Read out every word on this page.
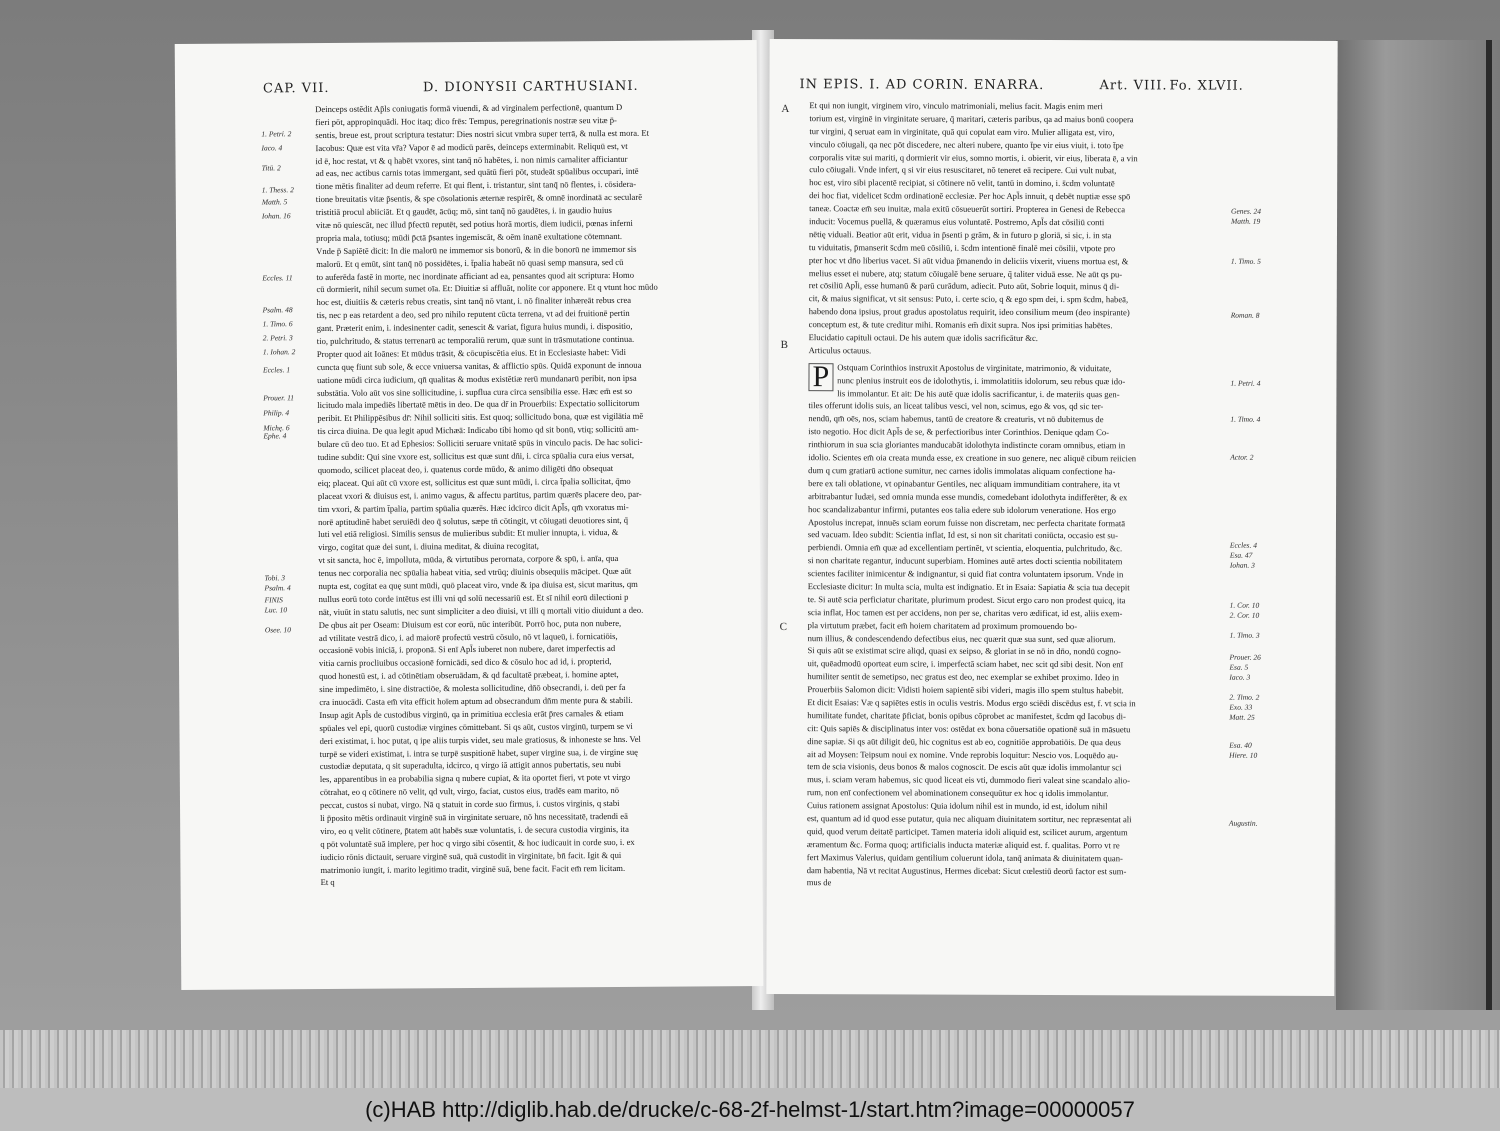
CAP. VII.	D. DIONYSII CARTHUSIANI.
Deinceps ostēdit Ap̄ls coniugatis formā viuendi, & ad virginalem perfectionē, quantum D
fieri pōt, appropinquādi. Hoc itaq; dico frēs: Tempus, peregrinationis nostræ seu vitæ p̄-
sentis, breue est, prout scriptura testatur: Dies nostri sicut vmbra super terrā, & nulla est mora. Et
Iacobus: Quæ est vita vr̄a? Vapor ē ad modicū parēs, deinceps exterminabit. Reliquū est, vt
id ē, hoc restat, vt & q habēt vxores, sint tanq̄ nō habētes, i. non nimis carnaliter afficiantur
ad eas, nec actibus carnis totas immergant, sed quātū fieri pōt, studeāt spūalibus occupari, intē
tione mētis finaliter ad deum referre. Et qui flent, i. tristantur, sint tanq̄ nō flentes, i. cōsidera-
tione breuitatis vitæ p̄sentis, & spe cōsolationis æternæ respirēt, & omnē inordinatā ac secularē
tristitiā procul abiiciāt. Et q gaudēt, ācūq; mō, sint tanq̄ nō gaudētes, i. in gaudio huius
vitæ nō quiescāt, nec illud p̄fectū reputēt, sed potius horā mortis, diem iudicii, pœnas inferni
propria mala, totiusq; mūdi p̄ctā p̄santes ingemiscāt, & oēm inanē exultatione cōtemnant.
Vnde p̄ Sapiētē dicit: In die malorū ne immemor sis bonorū, & in die bonorū ne immemor sis
malorū. Et q emūt, sint tanq̄ nō possidētes, i. t̄palia habeāt nō quasi semp mansura, sed cū
to auferēda fastē in morte, nec inordinate afficiant ad ea, pensantes quod ait scriptura: Homo
cū dormierit, nihil secum sumet oīa. Et: Diuitiæ si affluāt, nolite cor apponere. Et q vtunt hoc mūdo
hoc est, diuitiis & cæteris rebus creatis, sint tanq̄ nō vtant, i. nō finaliter inhæreāt rebus crea
tis, nec p eas retardent a deo, sed pro nihilo reputent cūcta terrena, vt ad dei fruitionē pertin
gant. Præterit enim, i. indesinenter cadit, senescit & variat, figura huius mundi, i. dispositio,
tio, pulchritudo, & status terrenarū ac temporaliū rerum, quæ sunt in trāsmutatione continua.
Propter quod ait Ioānes: Et mūdus trāsit, & cōcupiscētia eius. Et in Ecclesiaste habet: Vidi
cuncta quę fiunt sub sole, & ecce vniuersa vanitas, & afflictio spūs. Quidā exponunt de innoua
uatione mūdi circa iudicium, qn̄ qualitas & modus existētiæ rerū mundanarū peribit, non ipsa
substātia. Volo aūt vos sine sollicitudine, i. supflua cura circa sensibilia esse. Hæc em̄ est so
licitudo mala impediēs libertatē mētis in deo. De qua dr̄ in Prouerbiis: Expectatio sollicitorum
peribit. Et Philippēsibus dr̄: Nihil solliciti sitis. Est quoq; sollicitudo bona, quæ est vigilātia mē
tis circa diuina. De qua legit apud Michæā: Indicabo tibi homo qd sit bonū, vtiq; sollicitū am-
bulare cū deo tuo. Et ad Ephesios: Solliciti seruare vnitatē spūs in vinculo pacis. De hac solici-
tudine subdit: Qui sine vxore est, sollicitus est quæ sunt dn̄i, i. circa spūalia cura eius versat,
quomodo, scilicet placeat deo, i. quatenus corde mūdo, & animo diligēti dn̄o obsequat
eiq; placeat. Qui aūt cū vxore est, sollicitus est quæ sunt mūdi, i. circa t̄palia sollicitat, q̄mo
placeat vxori & diuisus est, i. animo vagus, & affectu partitus, partim quærēs placere deo, par-
tim vxori, & partim t̄palia, partim spūalia quærēs. Hæc idcirco dicit Apl̄s, qm̄ vxoratus mi-
norē aptitudinē habet seruiēdi deo q̄ solutus, sæpe tn̄ cōtingit, vt cōiugati deuotiores sint, q̄
luti vel etiā religiosi. Similis sensus de mulieribus subdit: Et mulier innupta, i. vidua, &
virgo, cogitat quæ dei sunt, i. diuina meditat, & diuina recogitat,
vt sit sancta, hoc ē, impolluta, mūda, & virtutibus perornata, corpore & spū, i. anīa, qua
tenus nec corporalia nec spūalia habeat vitia, sed vtrūq; diuinis obsequiis mācipet. Quæ aūt
nupta est, cogitat ea quę sunt mūdi, quō placeat viro, vnde & ipa diuisa est, sicut maritus, qm
nullus eorū toto corde intētus est illi vni qd solū necessariū est. Et sī nihil eorū dilectioni p
nāt, viuūt in statu salutis, nec sunt simpliciter a deo diuisi, vt illi q mortali vitio diuidunt a deo.
De qbus ait per Oseam: Diuisum est cor eorū, nūc interibūt. Porrō hoc, puta non nubere,
ad vtilitate vestrā dico, i. ad maiorē profectū vestrū cōsulo, nō vt laqueū, i. fornicatiōis,
occasionē vobis iniciā, i. proponā. Si enī Apl̄s iuberet non nubere, daret imperfectis ad
vitia carnis procliuibus occasionē fornicādi, sed dico & cōsulo hoc ad id, i. propterid,
quod honestū est, i. ad cōtinētiam obseruādam, & qd facultatē præbeat, i. homine aptet,
sine impedimēto, i. sine distractiōe, & molesta sollicitudine, dn̄ō obsecrandi, i. deū per fa
cra inuocādi. Casta em̄ vita efficit hoīem aptum ad obsecrandum dn̄m mente pura & stabili.
Insup agit Apl̄s de custodibus virginū, qa in primitiua ecclesia erāt p̄res carnales & etiam
spūales vel epi, quorū custodiæ virgines cōmittebant. Si qs aūt, custos virginū, turpem se vi
deri existimat, i. hoc putat, q ipe aliis turpis videt, seu male gratiosus, & inhoneste se hns. Vel
turpē se videri existimat, i. intra se turpē suspitionē habet, super virgine sua, i. de virgine suę
custodiæ deputata, q sit superadulta, idcirco, q virgo iā attigit annos pubertatis, seu nubi
les, apparentibus in ea probabilia signa q nubere cupiat, & ita oportet fieri, vt pote vt virgo
cōtrahat, eo q cōtinere nō velit, qd vult, virgo, faciat, custos eius, tradēs eam marito, nō
peccat, custos si nubat, virgo. Nā q statuit in corde suo firmus, i. custos virginis, q stabi
li p̄posito mētis ordinauit virginē suā in virginitate seruare, nō hns necessitatē, tradendi eā
viro, eo q velit cōtinere, p̄tatem aūt habēs suæ voluntatis, i. de secura custodia virginis, ita
q pōt voluntatē suā implere, per hoc q virgo sibi cōsentit, & hoc iudicauit in corde suo, i. ex
iudicio rōnis dictauit, seruare virginē suā, quā custodit in virginitate, bn̄ facit. Igit & qui
matrimonio iungit, i. marito legitimo tradit, virginē suā, bene facit. Facit em̄ rem licitam.
Et q
1. Petri. 2
Iaco. 4
Titū. 2
1. Thess. 2
Matth. 5
Iohan. 16
Eccles. 11
Psalm. 48
1. Timo. 6
2. Petri. 3
1. Iohan. 2
Eccles. 1
Prouer. 11
Philip. 4
Michę. 6
Ephe. 4
Tobi. 3
Psalm. 4
FINIS
Luc. 10
Osee. 10
IN EPIS. I. AD CORIN. ENARRA.	Art. VIII. Fo. XLVII.
Et qui non iungit, virginem viro, vinculo matrimoniali, melius facit. Magis enim meri
torium est, virginē in virginitate seruare, q̄ maritari, cæteris paribus, qa ad maius bonū coopera
tur virgini, q̄ seruat eam in virginitate, quā qui copulat eam viro. Mulier alligata est, viro,
vinculo cōiugali, qa nec pōt discedere, nec alteri nubere, quanto t̄pe vir eius viuit, i. toto t̄pe
corporalis vitæ sui mariti, q dormierit vir eius, somno mortis, i. obierit, vir eius, liberata ē, a vin
culo cōiugali. Vnde infert, q si vir eius resuscitaret, nō teneret eā recipere. Cui vult nubat,
hoc est, viro sibi placentē recipiat, si cōtinere nō velit, tantū in domino, i. s̄cdm voluntatē
dei hoc fiat, videlicet s̄cdm ordinationē ecclesiæ. Per hoc Apl̄s innuit, q debēt nuptiæ esse spō
taneæ. Coactæ em̄ seu inuitæ, mala exitū cōsueuerūt sortiri. Propterea in Genesi de Rebecca
inducit: Vocemus puellā, & quæramus eius voluntatē. Postremo, Apl̄s dat cōsiliū conti
nētię viduali. Beatior aūt erit, vidua in p̄senti p grām, & in futuro p gloriā, si sic, i. in sta
tu viduitatis, p̄manserit s̄cdm meū cōsiliū, i. s̄cdm intentionē finalē mei cōsilii, vtpote pro
pter hoc vt dn̄o liberius vacet. Si aūt vidua p̄manendo in deliciis vixerit, viuens mortua est, &
melius esset ei nubere, atq; statum cōiugalē bene seruare, q̄ taliter viduā esse. Ne aūt qs pu-
ret cōsiliū Apl̄i, esse humanū & parū curādum, adiecit. Puto aūt, Sobrie loquit, minus q̄ di-
cit, & maius significat, vt sit sensus: Puto, i. certe scio, q & ego spm dei, i. spm s̄cdm, habeā,
habendo dona ipsius, prout gradus apostolatus requirit, ideo consilium meum (deo inspirante)
conceptum est, & tute creditur mihi. Romanis em̄ dixit supra. Nos ipsi primitias habētes.
Elucidatio capituli octaui. De his autem quæ idolis sacrificātur &c.
Articulus octauus.
P Ostquam Corinthios instruxit Apostolus de virginitate, matrimonio, & viduitate,
nunc plenius instruit eos de idolothytis, i. immolatitiis idolorum, seu rebus quæ ido-
lis immolantur. Et ait: De his autē quæ idolis sacrificantur, i. de materiis quas gen-
tiles offerunt idolis suis, an liceat talibus vesci, vel non, scimus, ego & vos, qd sic ter-
nendū, qm̄ oēs, nos, sciam habemus, tantū de creatore & creaturis, vt nō dubitemus de
isto negotio. Hoc dicit Apl̄s de se, & perfectioribus inter Corinthios. Denique qdam Co-
rinthiorum in sua scia gloriantes manducabāt idolothyta indistincte coram omnibus, etiam in
idolio. Scientes em̄ oia creata munda esse, ex creatione in suo genere, nec aliquē cibum reiicien
dum q cum gratiarū actione sumitur, nec carnes idolis immolatas aliquam confectione ha-
bere ex tali oblatione, vt opinabantur Gentiles, nec aliquam immunditiam contrahere, ita vt
arbitrabantur Iudæi, sed omnia munda esse mundis, comedebant idolothyta indifferēter, & ex
hoc scandalizabantur infirmi, putantes eos talia edere sub idolorum veneratione. Hos ergo
Apostolus increpat, innuēs sciam eorum fuisse non discretam, nec perfecta charitate formatā
sed vacuam. Ideo subdit: Scientia inflat, Id est, si non sit charitati coniūcta, occasio est su-
perbiendi. Omnia em̄ quæ ad excellentiam pertinēt, vt scientia, eloquentia, pulchritudo, &c.
si non charitate regantur, inducunt superbiam. Homines autē artes docti scientia nobilitatem
scientes faciliter inimicentur & indignantur, si quid fiat contra voluntatem ipsorum. Vnde in
Ecclesiaste dicitur: In multa scia, multa est indignatio. Et in Esaia: Sapiatia & scia tua decepit
te. Si autē scia perficiatur charitate, plurimum prodest. Sicut ergo caro non prodest quicq, ita
scia inflat, Hoc tamen est per accidens, non per se, charitas vero ædificat, id est, aliis exem-
pla virtutum præbet, facit em̄ hoiem charitatem ad proximum promouendo bo-
num illius, & condescendendo defectibus eius, nec quærit quæ sua sunt, sed quæ aliorum.
Si quis aūt se existimat scire aliqd, quasi ex seipso, & gloriat in se nō in dn̄o, nondū cogno-
uit, quēadmodū oporteat eum scire, i. imperfectā sciam habet, nec scit qd sibi desit. Non enī
humiliter sentit de semetipso, nec gratus est deo, nec exemplar se exhibet proximo. Ideo in
Prouerbiis Salomon dicit: Vidisti hoiem sapientē sibi videri, magis illo spem stultus habebit.
Et dicit Esaias: Væ q sapiētes estis in oculis vestris. Modus ergo sciēdi discēdus est, f. vt scia in
humilitate fundet, charitate p̄ficiat, bonis opibus cōprobet ac manifestet, s̄cdm qd Iacobus di-
cit: Quis sapiēs & disciplinatus inter vos: ostēdat ex bona cōuersatiōe opationē suā in māsuetu
dine sapiæ. Si qs aūt diligit deū, hic cognitus est ab eo, cognitiōe approbatiōis. De qua deus
ait ad Moysen: Teipsum noui ex nomine. Vnde reprobis loquitur: Nescio vos. Loquēdo au-
tem de scia visionis, deus bonos & malos cognoscit. De escis aūt quæ idolis immolantur sci
mus, i. sciam veram habemus, sic quod liceat eis vti, dummodo fieri valeat sine scandalo alio-
rum, non enī confectionem vel abominationem consequūtur ex hoc q idolis immolantur.
Cuius rationem assignat Apostolus: Quia idolum nihil est in mundo, id est, idolum nihil
est, quantum ad id quod esse putatur, quia nec aliquam diuinitatem sortitur, nec repræsentat ali
quid, quod verum deitatē participet. Tamen materia idoli aliquid est, scilicet aurum, argentum
æramentum &c. Forma quoq; artificialis inducta materiæ aliquid est. f. qualitas. Porro vt re
fert Maximus Valerius, quidam gentilium coluerunt idola, tanq̄ animata & diuinitatem quan-
dam habentia, Nā vt recitat Augustinus, Hermes dicebat: Sicut cœlestiū deorū factor est sum-
mus de
A
B
C
Genes. 24
Matth. 19
1. Timo. 5
Roman. 8
1. Petri. 4
1. Timo. 4
Actor. 2
Eccles. 4
Esa. 47
Iohan. 3
1. Cor. 10
2. Cor. 10
1. Timo. 3
Prouer. 26
Esa. 5
Iaco. 3
2. Timo. 2
Exo. 33
Matt. 25
Esa. 40
Hiere. 10
Augustin.
(c)HAB http://diglib.hab.de/drucke/c-68-2f-helmst-1/start.htm?image=00000057
